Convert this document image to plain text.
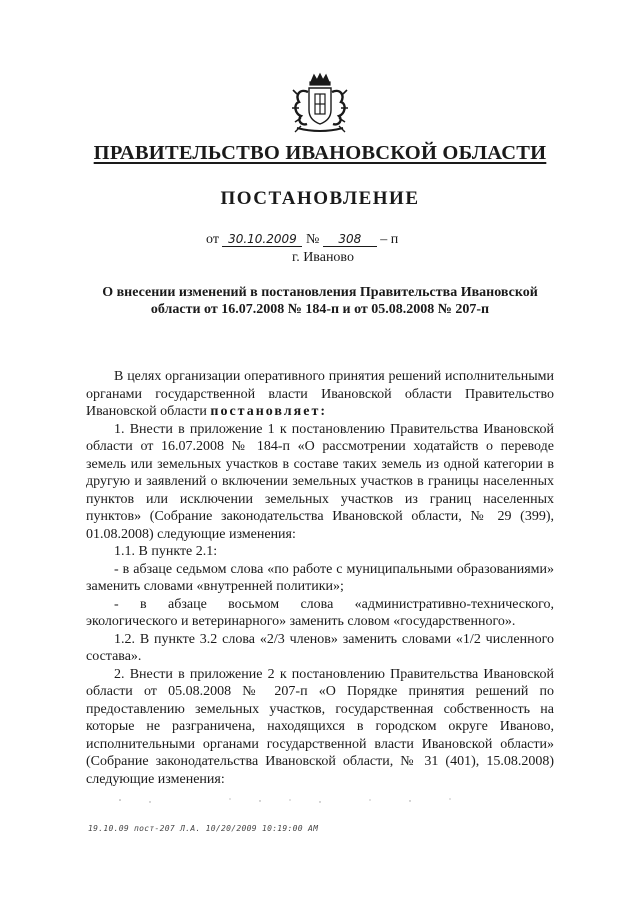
ПРАВИТЕЛЬСТВО ИВАНОВСКОЙ ОБЛАСТИ
ПОСТАНОВЛЕНИЕ
от 30.10.2009 № 308 – п
г. Иваново
О внесении изменений в постановления Правительства Ивановской области от 16.07.2008 № 184-п и от 05.08.2008 № 207-п

В целях организации оперативного принятия решений исполнительными органами государственной власти Ивановской области Правительство Ивановской области постановляет:

1. Внести в приложение 1 к постановлению Правительства Ивановской области от 16.07.2008 № 184-п «О рассмотрении ходатайств о переводе земель или земельных участков в составе таких земель из одной категории в другую и заявлений о включении земельных участков в границы населенных пунктов или исключении земельных участков из границ населенных пунктов» (Собрание законодательства Ивановской области, № 29 (399), 01.08.2008) следующие изменения:

1.1. В пункте 2.1:

- в абзаце седьмом слова «по работе с муниципальными образованиями» заменить словами «внутренней политики»;

- в абзаце восьмом слова «административно-технического, экологического и ветеринарного» заменить словом «государственного».

1.2. В пункте 3.2 слова «2/3 членов» заменить словами «1/2 численного состава».

2. Внести в приложение 2 к постановлению Правительства Ивановской области от 05.08.2008 № 207-п «О Порядке принятия решений по предоставлению земельных участков, государственная собственность на которые не разграничена, находящихся в городском округе Иваново, исполнительными органами государственной власти Ивановской области» (Собрание законодательства Ивановской области, № 31 (401), 15.08.2008) следующие изменения:

19.10.09 пост-207 Л.А. 10/20/2009 10:19:00 AM
